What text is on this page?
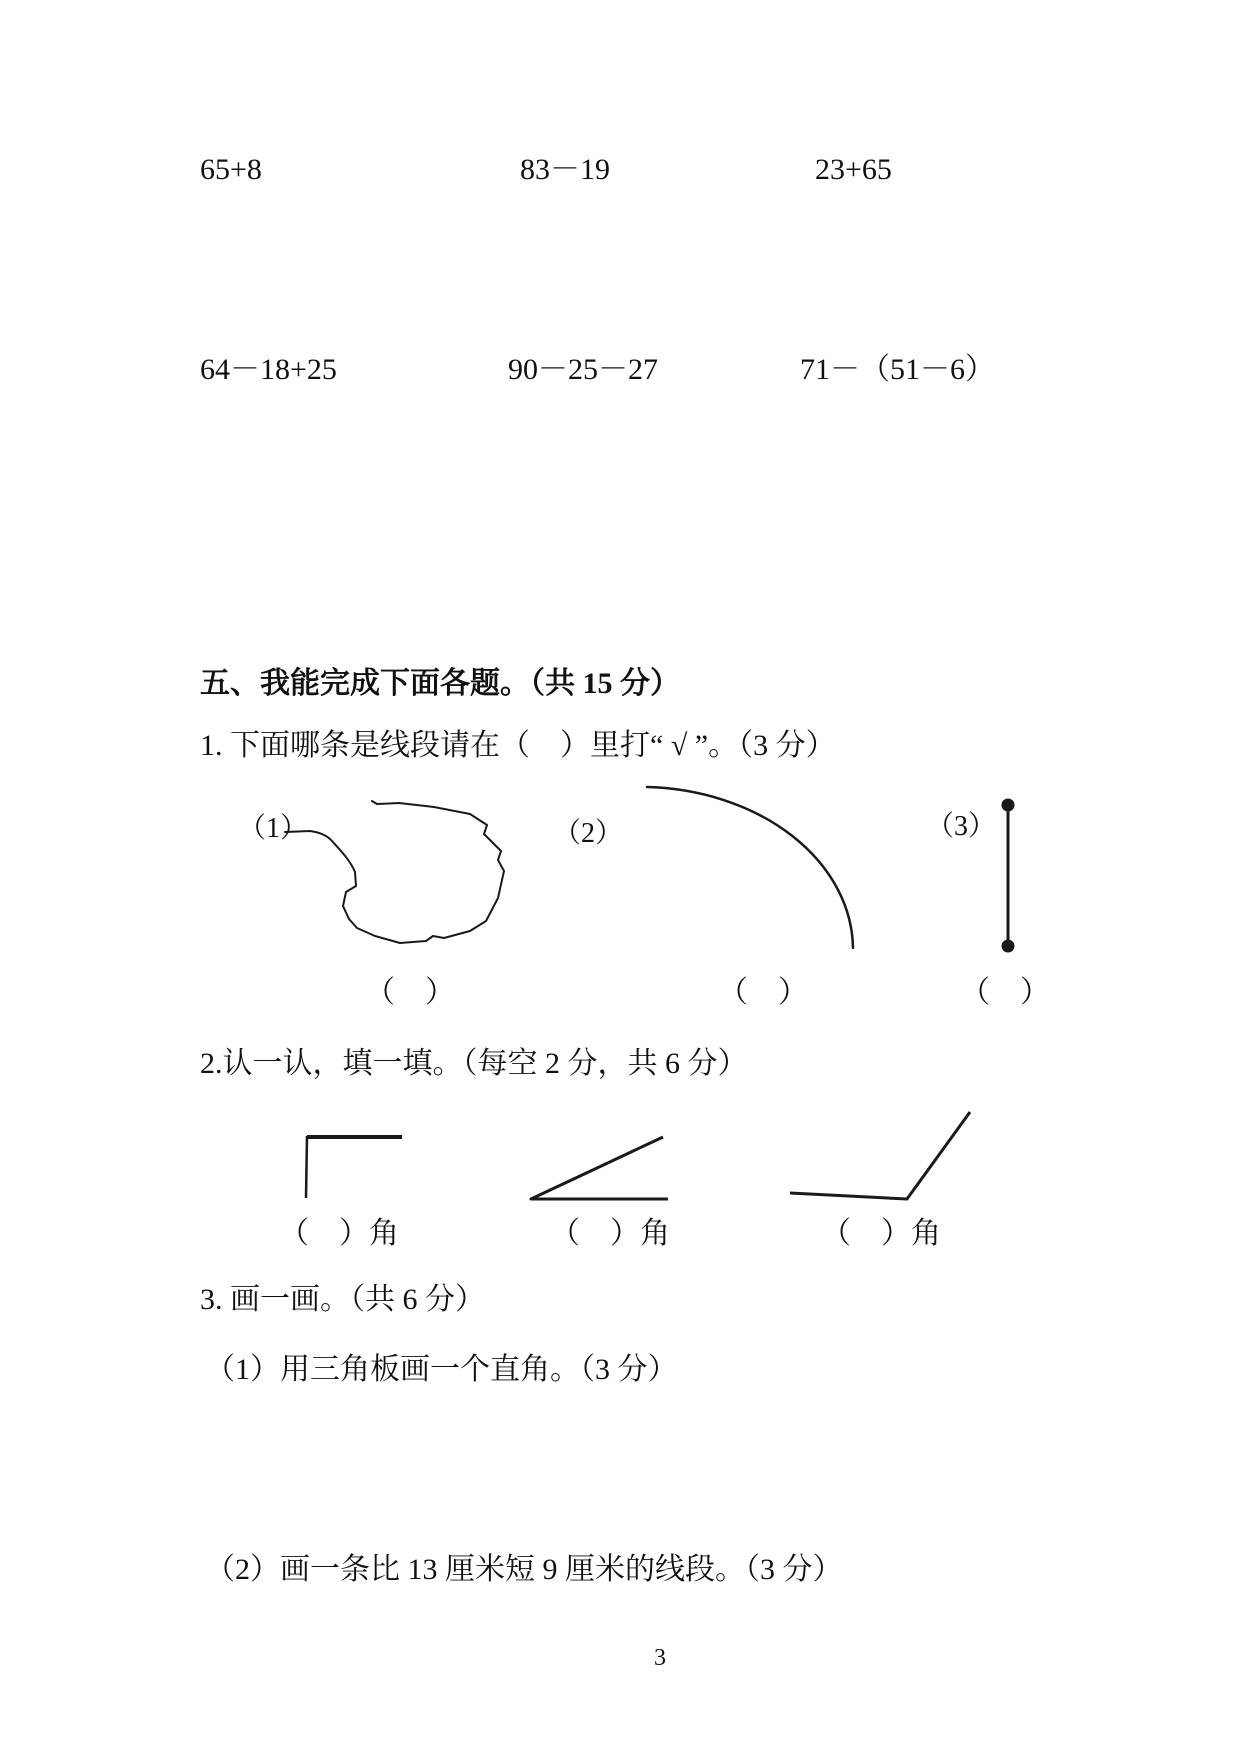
65+8	83－19	23+65
64－18+25	90－25－27	71－（51－6）
五、我能完成下面各题。（共 15 分）
1. 下面哪条是线段请在（　）里打“ √ ”。（3 分）
（1）	（2）	（3）
（　）	（　）	（　）
2.认一认，填一填。（每空 2 分，共 6 分）
（　）角	（　）角	（　）角
3. 画一画。（共 6 分）
（1）用三角板画一个直角。（3 分）
（2）画一条比 13 厘米短 9 厘米的线段。（3 分）
3
